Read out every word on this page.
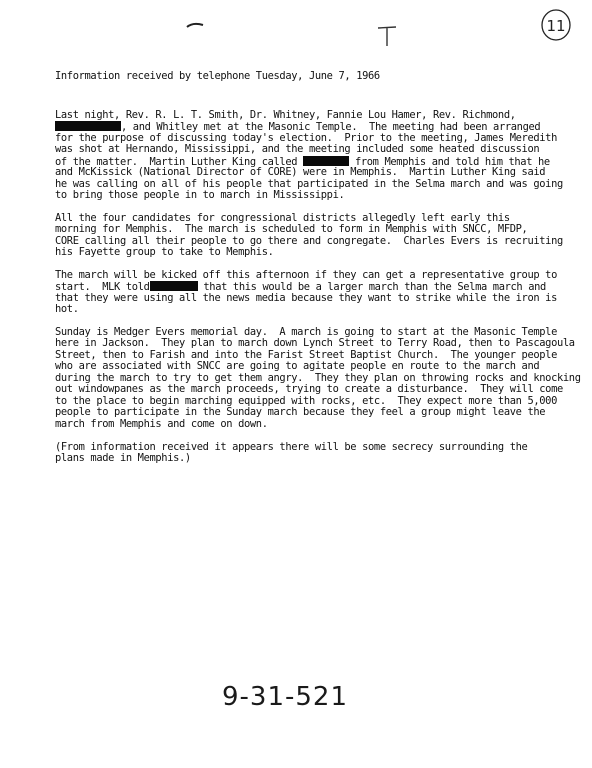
11
Information received by telephone Tuesday, June 7, 1966
Last night, Rev. R. L. T. Smith, Dr. Whitney, Fannie Lou Hamer, Rev. Richmond,
, and Whitley met at the Masonic Temple.  The meeting had been arranged
for the purpose of discussing today's election.  Prior to the meeting, James Meredith
was shot at Hernando, Mississippi, and the meeting included some heated discussion
of the matter.  Martin Luther King called	from Memphis and told him that he
and McKissick (National Director of CORE) were in Memphis.  Martin Luther King said
he was calling on all of his people that participated in the Selma march and was going
to bring those people in to march in Mississippi.
All the four candidates for congressional districts allegedly left early this
morning for Memphis.  The march is scheduled to form in Memphis with SNCC, MFDP,
CORE calling all their people to go there and congregate.  Charles Evers is recruiting
his Fayette group to take to Memphis.
The march will be kicked off this afternoon if they can get a representative group to
start.  MLK told	that this would be a larger march than the Selma march and
that they were using all the news media because they want to strike while the iron is
hot.
Sunday is Medger Evers memorial day.  A march is going to start at the Masonic Temple
here in Jackson.  They plan to march down Lynch Street to Terry Road, then to Pascagoula
Street, then to Farish and into the Farist Street Baptist Church.  The younger people
who are associated with SNCC are going to agitate people en route to the march and
during the march to try to get them angry.  They they plan on throwing rocks and knocking
out windowpanes as the march proceeds, trying to create a disturbance.  They will come
to the place to begin marching equipped with rocks, etc.  They expect more than 5,000
people to participate in the Sunday march because they feel a group might leave the
march from Memphis and come on down.
(From information received it appears there will be some secrecy surrounding the
plans made in Memphis.)
9-31-521
